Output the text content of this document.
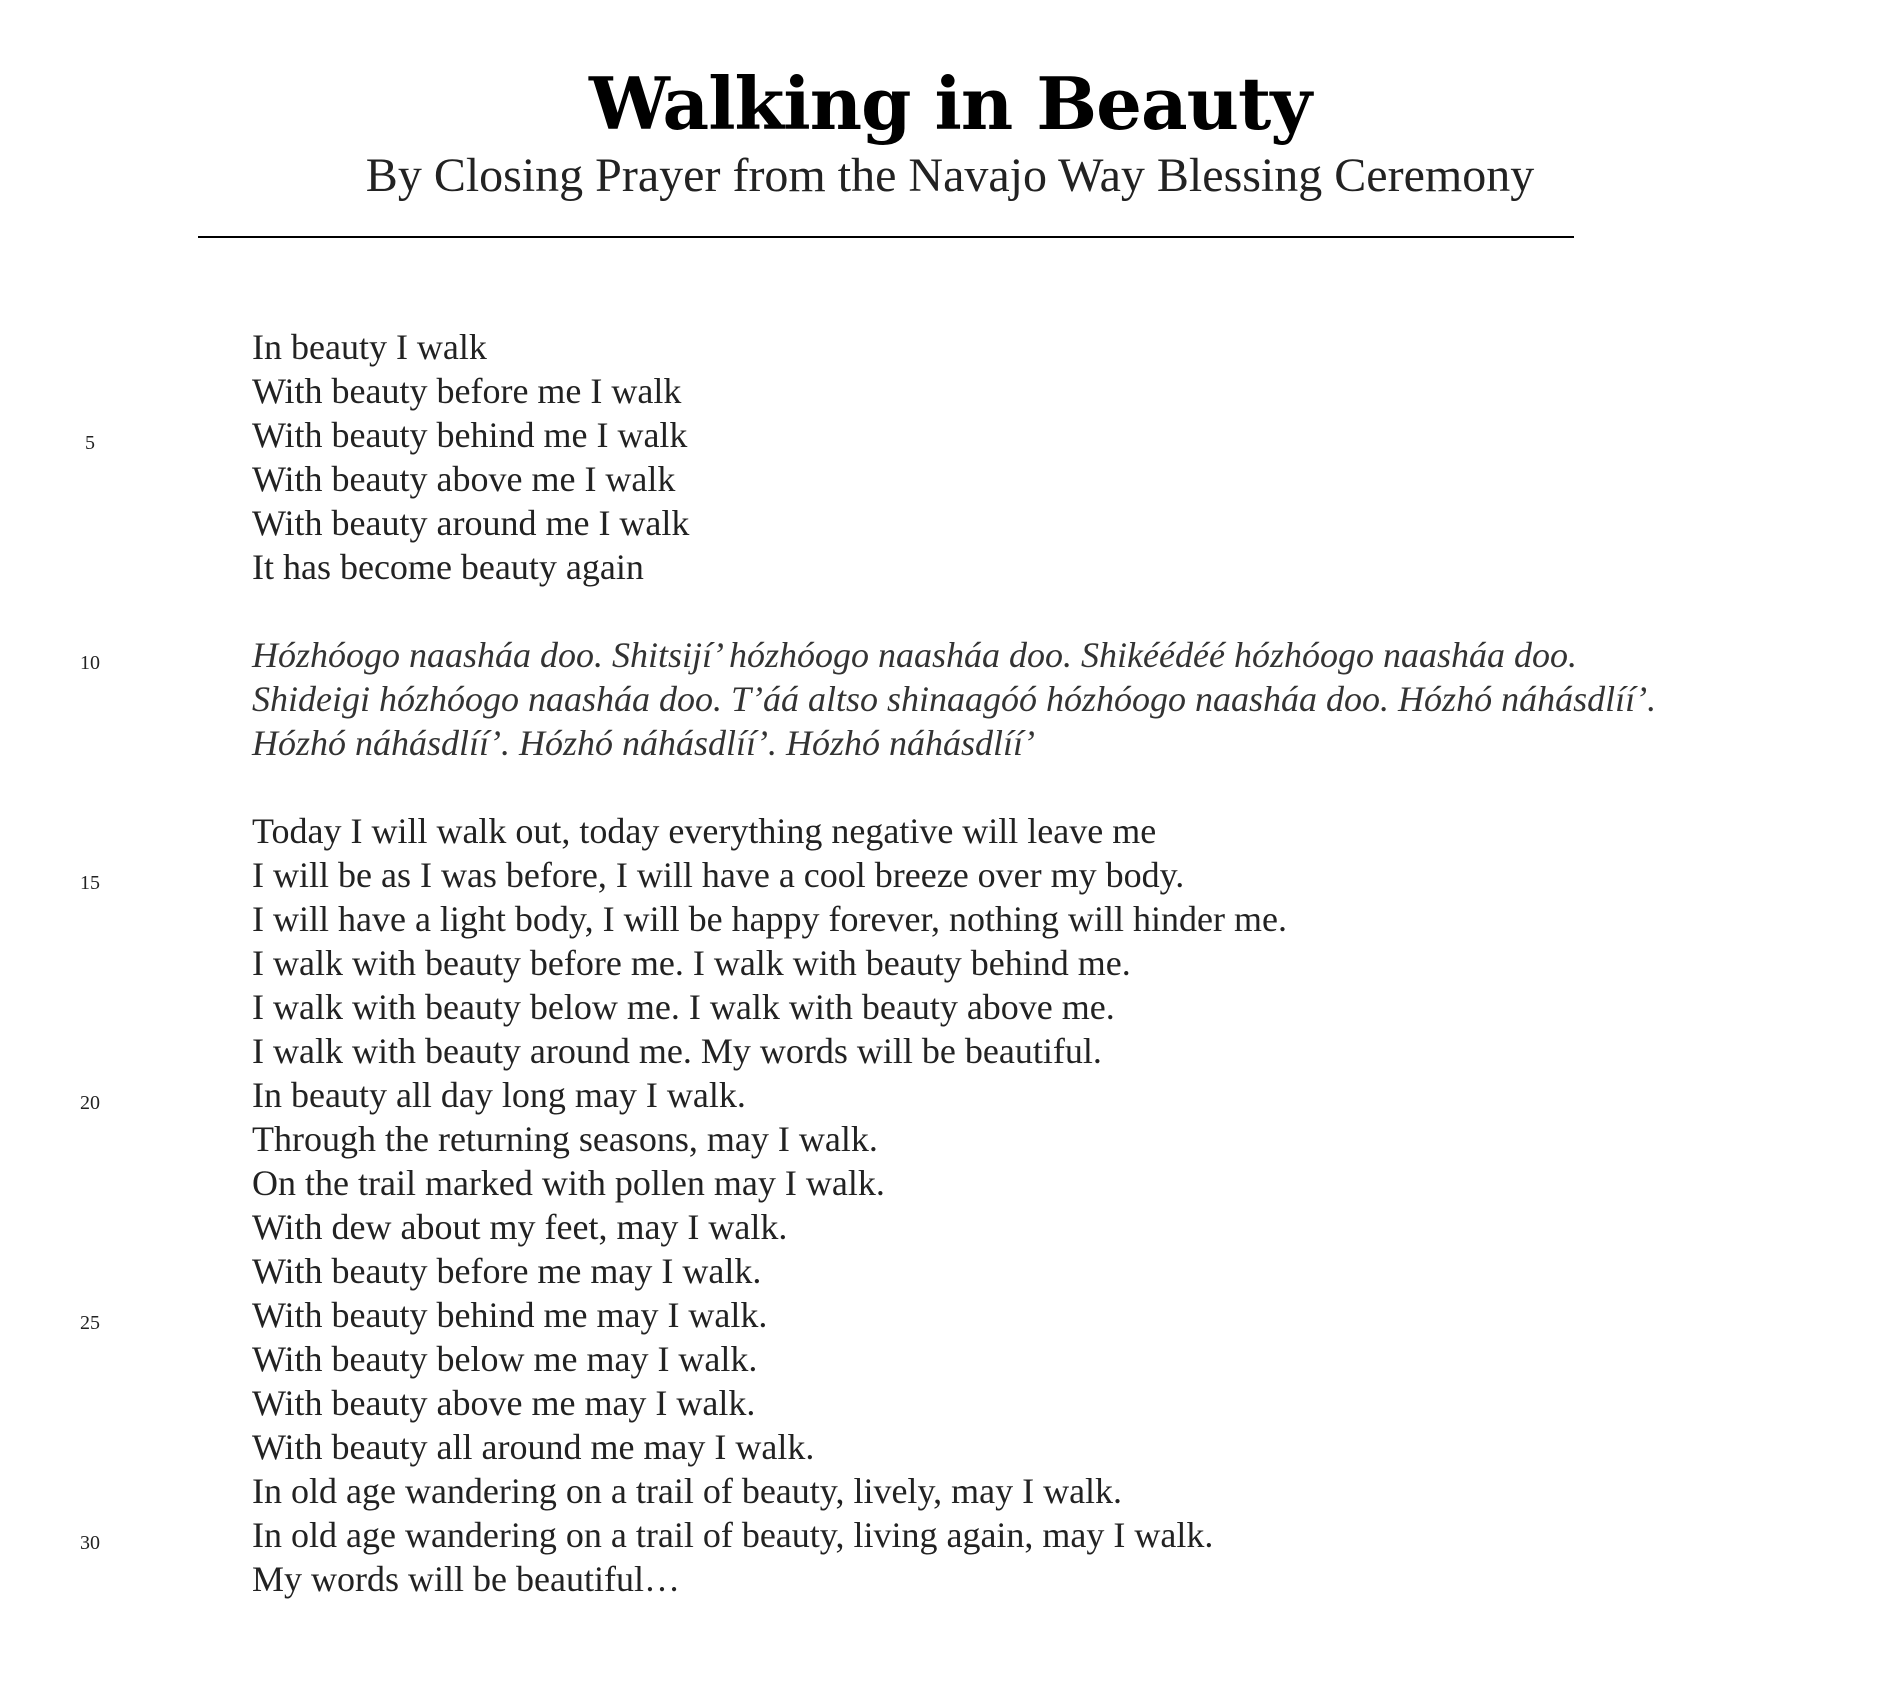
Walking in Beauty
By Closing Prayer from the Navajo Way Blessing Ceremony
In beauty I walk
With beauty before me I walk
With beauty behind me I walk
With beauty above me I walk
With beauty around me I walk
It has become beauty again
Hózhóogo naasháa doo. Shitsijí’ hózhóogo naasháa doo. Shikéédéé hózhóogo naasháa doo.
Shideigi hózhóogo naasháa doo. T’áá altso shinaagóó hózhóogo naasháa doo. Hózhó náhásdlíí’.
Hózhó náhásdlíí’. Hózhó náhásdlíí’. Hózhó náhásdlíí’
Today I will walk out, today everything negative will leave me
I will be as I was before, I will have a cool breeze over my body.
I will have a light body, I will be happy forever, nothing will hinder me.
I walk with beauty before me. I walk with beauty behind me.
I walk with beauty below me. I walk with beauty above me.
I walk with beauty around me. My words will be beautiful.
In beauty all day long may I walk.
Through the returning seasons, may I walk.
On the trail marked with pollen may I walk.
With dew about my feet, may I walk.
With beauty before me may I walk.
With beauty behind me may I walk.
With beauty below me may I walk.
With beauty above me may I walk.
With beauty all around me may I walk.
In old age wandering on a trail of beauty, lively, may I walk.
In old age wandering on a trail of beauty, living again, may I walk.
My words will be beautiful…
5
10
15
20
25
30
